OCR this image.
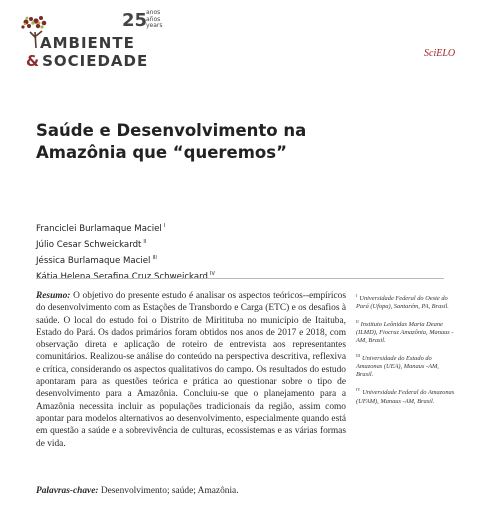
AMBIENTE
& SOCIEDADE
25
anos
años
years
SciELO
Saúde e Desenvolvimento na Amazônia que “queremos”
Franciclei Burlamaque Maciel $^I$
Júlio Cesar Schweickardt $^{II}$
Jéssica Burlamaque Maciel $^{III}$
Kátia Helena Serafina Cruz Schweickard $^{IV}$
Resumo: O objetivo do presente estudo é analisar os aspectos teóricos--empíricos do desenvolvimento com as Estações de Transbordo e Carga (ETC) e os desafios à saúde. O local do estudo foi o Distrito de Miritituba no município de Itaituba, Estado do Pará. Os dados primários foram obtidos nos anos de 2017 e 2018, com observação direta e aplicação de roteiro de entrevista aos representantes comunitários. Realizou-se análise do conteúdo na perspectiva descritiva, reflexiva e crítica, considerando os aspectos qualitativos do campo. Os resultados do estudo apontaram para as questões teórica e prática ao questionar sobre o tipo de desenvolvimento para a Amazônia. Concluiu-se que o planejamento para a Amazônia necessita incluir as populações tradicionais da região, assim como apontar para modelos alternativos ao desenvolvimento, especialmente quando está em questão a saúde e a sobrevivência de culturas, ecossistemas e as várias formas de vida.
$^I$ Universidade Federal do Oeste do Pará (Ufopa), Santarém, PA, Brasil.
$^{II}$ Instituto Leônidas Maria Deane (ILMD), Fiocruz Amazônia, Manaus -AM, Brasil.
$^{III}$ Universidade do Estado do Amazonas (UEA), Manaus -AM, Brasil.
$^{IV}$ Universidade Federal do Amazonas (UFAM), Manaus -AM, Brasil.
Palavras-chave: Desenvolvimento; saúde; Amazônia.
